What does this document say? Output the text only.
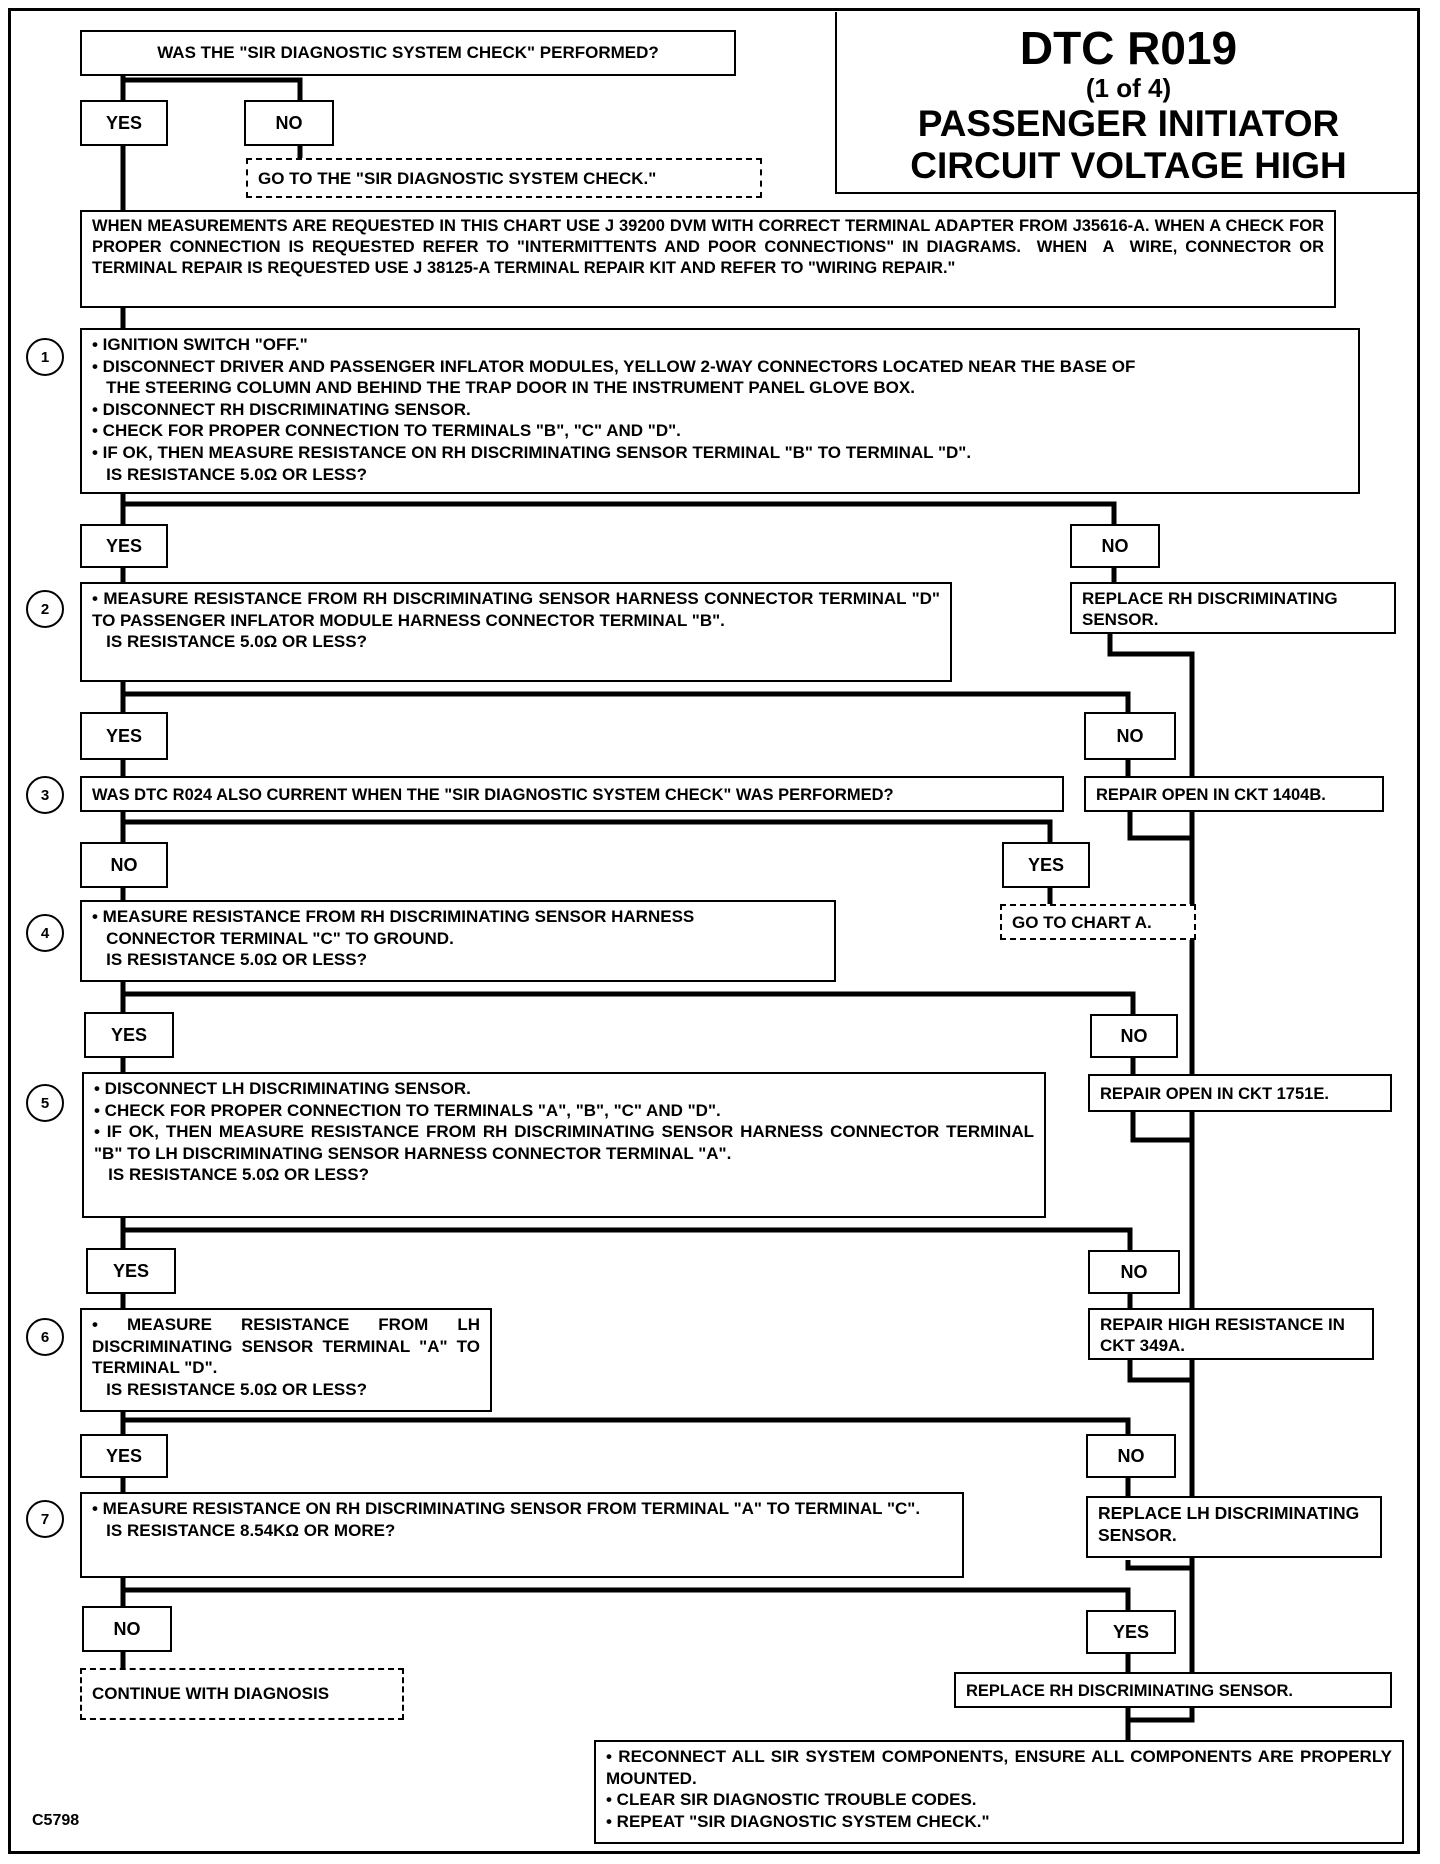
DTC R019
(1 of 4)
PASSENGER INITIATOR
CIRCUIT VOLTAGE HIGH
WAS THE "SIR DIAGNOSTIC SYSTEM CHECK" PERFORMED?
YES	NO
GO TO THE "SIR DIAGNOSTIC SYSTEM CHECK."
WHEN MEASUREMENTS ARE REQUESTED IN THIS CHART USE J 39200 DVM WITH CORRECT TERMINAL ADAPTER FROM J35616-A. WHEN A CHECK FOR PROPER CONNECTION IS REQUESTED REFER TO "INTERMITTENTS AND POOR CONNECTIONS" IN DIAGRAMS.  WHEN  A  WIRE, CONNECTOR OR TERMINAL REPAIR IS REQUESTED USE J 38125-A TERMINAL REPAIR KIT AND REFER TO "WIRING REPAIR."
1
• IGNITION SWITCH "OFF."
• DISCONNECT DRIVER AND PASSENGER INFLATOR MODULES, YELLOW 2-WAY CONNECTORS LOCATED NEAR THE BASE OF
THE STEERING COLUMN AND BEHIND THE TRAP DOOR IN THE INSTRUMENT PANEL GLOVE BOX.
• DISCONNECT RH DISCRIMINATING SENSOR.
• CHECK FOR PROPER CONNECTION TO TERMINALS "B", "C" AND "D".
• IF OK, THEN MEASURE RESISTANCE ON RH DISCRIMINATING SENSOR TERMINAL "B" TO TERMINAL "D".
IS RESISTANCE 5.0Ω OR LESS?
YES	NO
REPLACE RH DISCRIMINATING SENSOR.
2
• MEASURE RESISTANCE FROM RH DISCRIMINATING SENSOR HARNESS CONNECTOR TERMINAL "D" TO PASSENGER INFLATOR MODULE HARNESS CONNECTOR TERMINAL "B".
IS RESISTANCE 5.0Ω OR LESS?
YES	NO
REPAIR OPEN IN CKT 1404B.
3	WAS DTC R024 ALSO CURRENT WHEN THE "SIR DIAGNOSTIC SYSTEM CHECK" WAS PERFORMED?
NO	YES
GO TO CHART A.
4
• MEASURE RESISTANCE FROM RH DISCRIMINATING SENSOR HARNESS
CONNECTOR TERMINAL "C" TO GROUND.
IS RESISTANCE 5.0Ω OR LESS?
YES	NO
REPAIR OPEN IN CKT 1751E.
5
• DISCONNECT LH DISCRIMINATING SENSOR.
• CHECK FOR PROPER CONNECTION TO TERMINALS "A", "B", "C" AND "D".
• IF OK, THEN MEASURE RESISTANCE FROM RH DISCRIMINATING SENSOR HARNESS CONNECTOR TERMINAL "B" TO LH DISCRIMINATING SENSOR HARNESS CONNECTOR TERMINAL "A".
IS RESISTANCE 5.0Ω OR LESS?
YES	NO
REPAIR HIGH RESISTANCE IN CKT 349A.
6
• MEASURE RESISTANCE FROM LH DISCRIMINATING SENSOR TERMINAL "A" TO TERMINAL "D".
IS RESISTANCE 5.0Ω OR LESS?
YES	NO
REPLACE LH DISCRIMINATING SENSOR.
7
• MEASURE RESISTANCE ON RH DISCRIMINATING SENSOR FROM TERMINAL "A" TO TERMINAL "C".
IS RESISTANCE 8.54KΩ OR MORE?
NO	YES
CONTINUE WITH DIAGNOSIS	REPLACE RH DISCRIMINATING SENSOR.
• RECONNECT ALL SIR SYSTEM COMPONENTS, ENSURE ALL COMPONENTS ARE PROPERLY MOUNTED.
• CLEAR SIR DIAGNOSTIC TROUBLE CODES.
• REPEAT "SIR DIAGNOSTIC SYSTEM CHECK."
C5798
